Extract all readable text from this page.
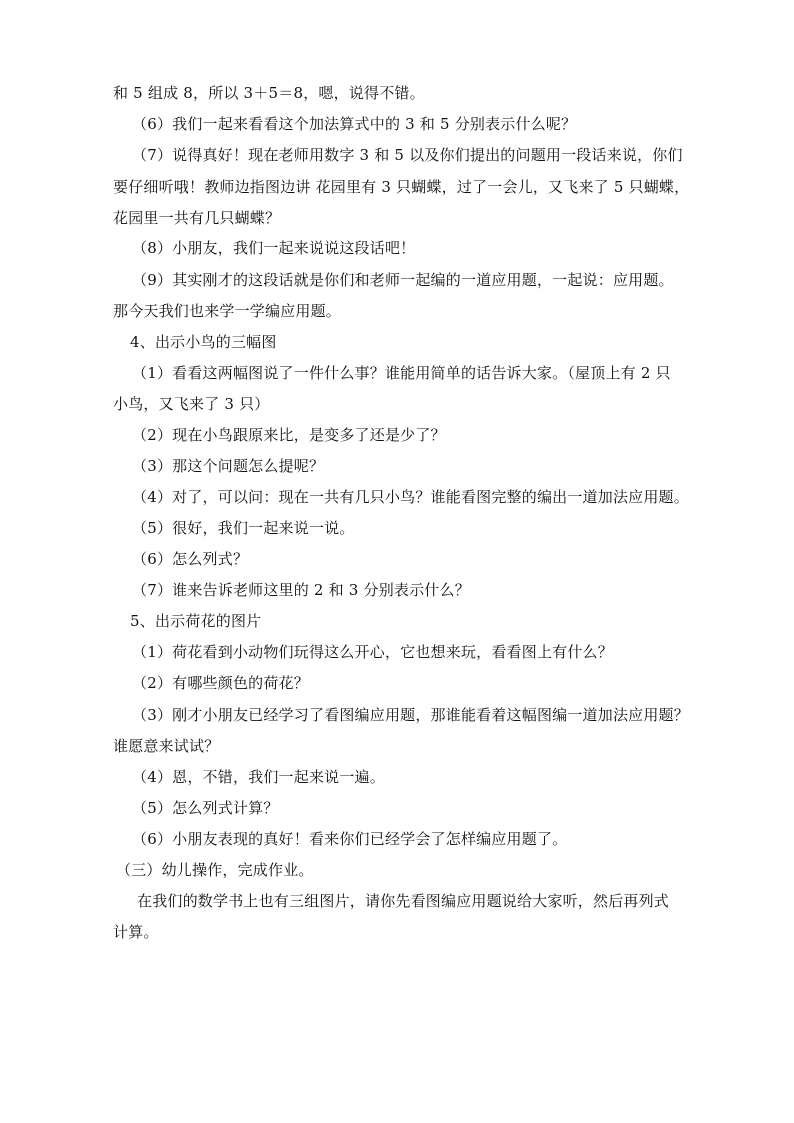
和 5 组成 8，所以 3＋5＝8，嗯，说得不错。
（6）我们一起来看看这个加法算式中的 3 和 5 分别表示什么呢？
（7）说得真好！现在老师用数字 3 和 5 以及你们提出的问题用一段话来说，你们
要仔细听哦！教师边指图边讲 花园里有 3 只蝴蝶，过了一会儿，又飞来了 5 只蝴蝶，
花园里一共有几只蝴蝶？
（8）小朋友，我们一起来说说这段话吧！
（9）其实刚才的这段话就是你们和老师一起编的一道应用题，一起说：应用题。
那今天我们也来学一学编应用题。
4、出示小鸟的三幅图
（1）看看这两幅图说了一件什么事？谁能用简单的话告诉大家。（屋顶上有 2 只
小鸟，又飞来了 3 只）
（2）现在小鸟跟原来比，是变多了还是少了？
（3）那这个问题怎么提呢？
（4）对了，可以问：现在一共有几只小鸟？谁能看图完整的编出一道加法应用题。
（5）很好，我们一起来说一说。
（6）怎么列式？
（7）谁来告诉老师这里的 2 和 3 分别表示什么？
5、出示荷花的图片
（1）荷花看到小动物们玩得这么开心，它也想来玩，看看图上有什么？
（2）有哪些颜色的荷花？
（3）刚才小朋友已经学习了看图编应用题，那谁能看着这幅图编一道加法应用题？
谁愿意来试试？
（4）恩，不错，我们一起来说一遍。
（5）怎么列式计算？
（6）小朋友表现的真好！看来你们已经学会了怎样编应用题了。
（三）幼儿操作，完成作业。
在我们的数学书上也有三组图片，请你先看图编应用题说给大家听，然后再列式
计算。
